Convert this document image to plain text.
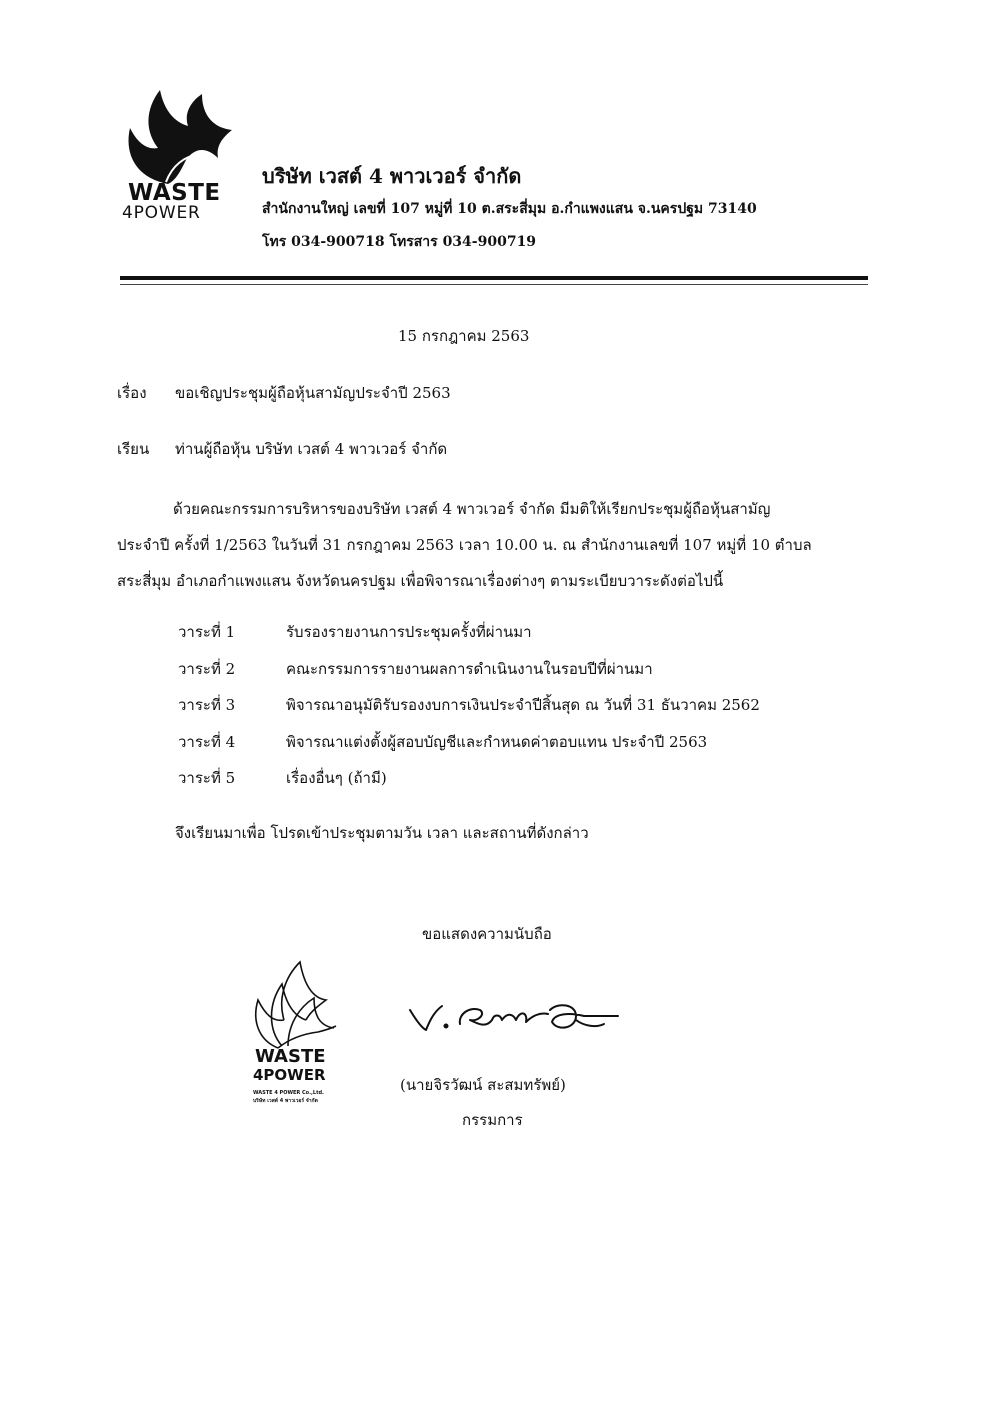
WASTE
4POWER
บริษัท เวสต์ 4 พาวเวอร์ จำกัด
สำนักงานใหญ่ เลขที่ 107 หมู่ที่ 10 ต.สระสี่มุม อ.กำแพงแสน จ.นครปฐม 73140
โทร 034-900718 โทรสาร 034-900719
15 กรกฎาคม 2563
เรื่อง ขอเชิญประชุมผู้ถือหุ้นสามัญประจำปี 2563
เรียน ท่านผู้ถือหุ้น บริษัท เวสต์ 4 พาวเวอร์ จำกัด
ด้วยคณะกรรมการบริหารของบริษัท เวสต์ 4 พาวเวอร์ จำกัด มีมติให้เรียกประชุมผู้ถือหุ้นสามัญ
ประจำปี ครั้งที่ 1/2563 ในวันที่ 31 กรกฎาคม 2563 เวลา 10.00 น. ณ สำนักงานเลขที่ 107 หมู่ที่ 10 ตำบล
สระสี่มุม อำเภอกำแพงแสน จังหวัดนครปฐม เพื่อพิจารณาเรื่องต่างๆ ตามระเบียบวาระดังต่อไปนี้
วาระที่ 1	รับรองรายงานการประชุมครั้งที่ผ่านมา
วาระที่ 2	คณะกรรมการรายงานผลการดำเนินงานในรอบปีที่ผ่านมา
วาระที่ 3	พิจารณาอนุมัติรับรองงบการเงินประจำปีสิ้นสุด ณ วันที่ 31 ธันวาคม 2562
วาระที่ 4	พิจารณาแต่งตั้งผู้สอบบัญชีและกำหนดค่าตอบแทน ประจำปี 2563
วาระที่ 5	เรื่องอื่นๆ (ถ้ามี)
จึงเรียนมาเพื่อ โปรดเข้าประชุมตามวัน เวลา และสถานที่ดังกล่าว
ขอแสดงความนับถือ
WASTE
4POWER
WASTE 4 POWER Co.,Ltd.
บริษัท เวสต์ 4 พาวเวอร์ จำกัด
(นายจิรวัฒน์ สะสมทรัพย์)
กรรมการ
